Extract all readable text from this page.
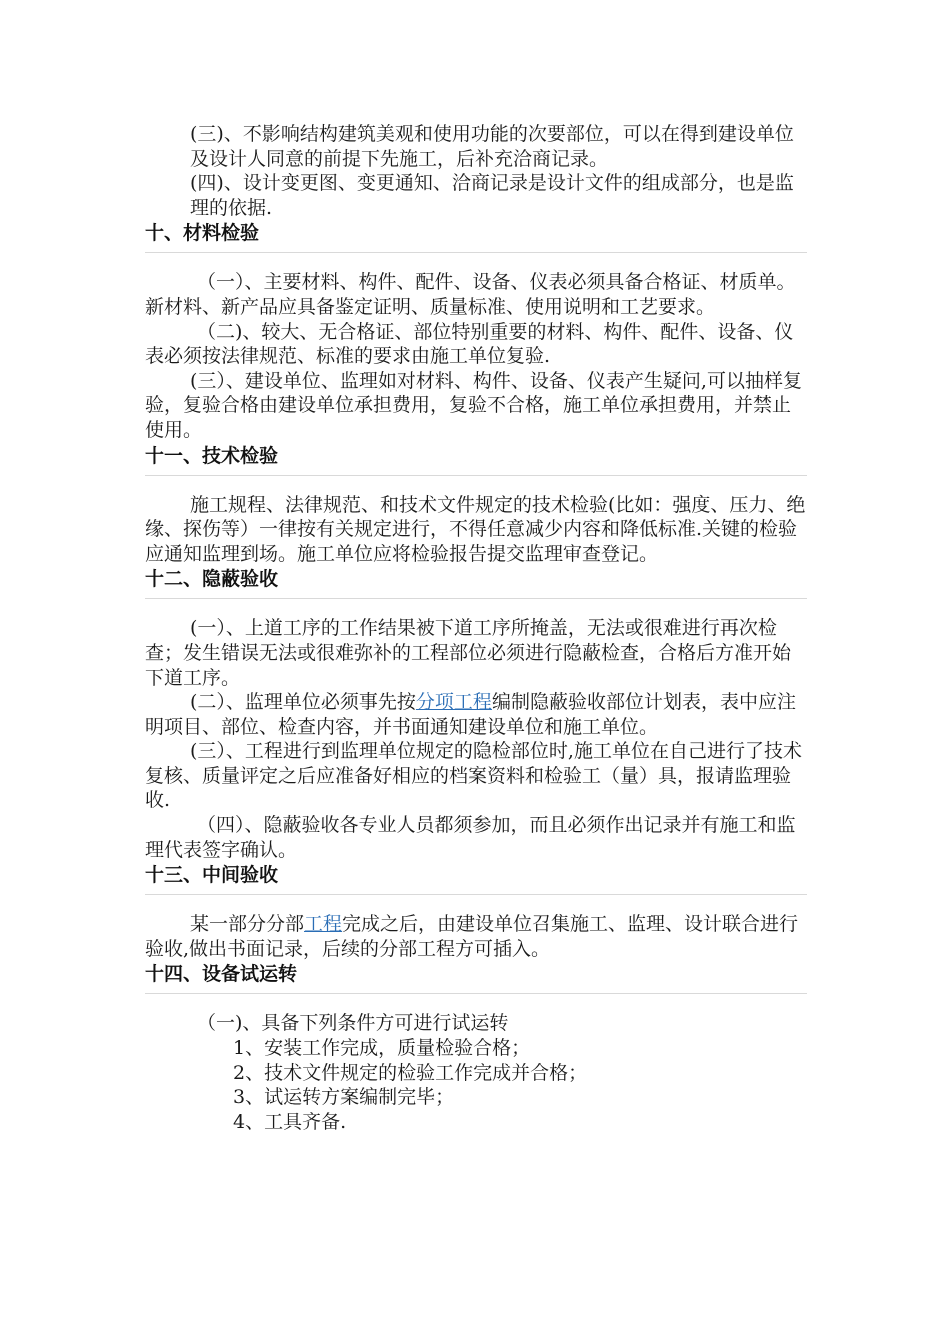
(三)、不影响结构建筑美观和使用功能的次要部位，可以在得到建设单位及设计人同意的前提下先施工，后补充洽商记录。

(四)、设计变更图、变更通知、洽商记录是设计文件的组成部分，也是监理的依据.

十、材料检验

（一）、主要材料、构件、配件、设备、仪表必须具备合格证、材质单。新材料、新产品应具备鉴定证明、质量标准、使用说明和工艺要求。

（二)、较大、无合格证、部位特别重要的材料、构件、配件、设备、仪表必须按法律规范、标准的要求由施工单位复验.

(三）、建设单位、监理如对材料、构件、设备、仪表产生疑问,可以抽样复验，复验合格由建设单位承担费用，复验不合格，施工单位承担费用，并禁止使用。

十一、技术检验

施工规程、法律规范、和技术文件规定的技术检验(比如：强度、压力、绝缘、探伤等）一律按有关规定进行，不得任意减少内容和降低标准.关键的检验应通知监理到场。施工单位应将检验报告提交监理审查登记。

十二、隐蔽验收

(一）、上道工序的工作结果被下道工序所掩盖，无法或很难进行再次检查；发生错误无法或很难弥补的工程部位必须进行隐蔽检查，合格后方准开始下道工序。

(二）、监理单位必须事先按分项工程编制隐蔽验收部位计划表，表中应注明项目、部位、检查内容，并书面通知建设单位和施工单位。

(三）、工程进行到监理单位规定的隐检部位时,施工单位在自己进行了技术复核、质量评定之后应准备好相应的档案资料和检验工（量）具，报请监理验收.

（四）、隐蔽验收各专业人员都须参加，而且必须作出记录并有施工和监理代表签字确认。

十三、中间验收

某一部分分部工程完成之后，由建设单位召集施工、监理、设计联合进行验收,做出书面记录，后续的分部工程方可插入。

十四、设备试运转

（一)、具备下列条件方可进行试运转

1、安装工作完成，质量检验合格；

2、技术文件规定的检验工作完成并合格；

3、试运转方案编制完毕；

4、工具齐备.
